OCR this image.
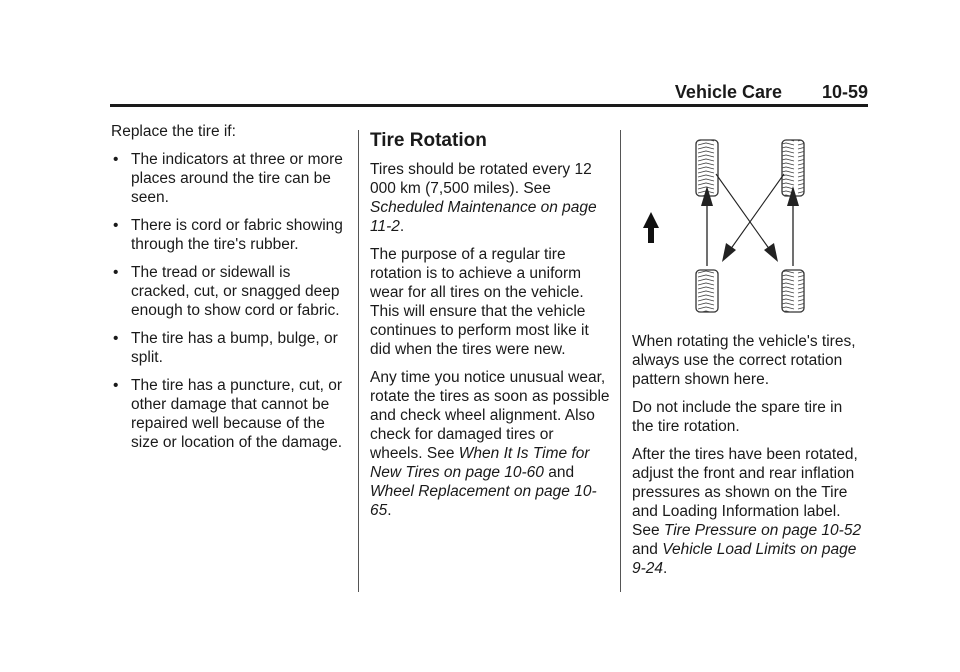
Vehicle Care 10-59

Replace the tire if:

• The indicators at three or more places around the tire can be seen.
• There is cord or fabric showing through the tire's rubber.
• The tread or sidewall is cracked, cut, or snagged deep enough to show cord or fabric.
• The tire has a bump, bulge, or split.
• The tire has a puncture, cut, or other damage that cannot be repaired well because of the size or location of the damage.
Tire Rotation

Tires should be rotated every 12 000 km (7,500 miles). See Scheduled Maintenance on page 11-2.

The purpose of a regular tire rotation is to achieve a uniform wear for all tires on the vehicle. This will ensure that the vehicle continues to perform most like it did when the tires were new.

Any time you notice unusual wear, rotate the tires as soon as possible and check wheel alignment. Also check for damaged tires or wheels. See When It Is Time for New Tires on page 10-60 and Wheel Replacement on page 10-65.

When rotating the vehicle's tires, always use the correct rotation pattern shown here.

Do not include the spare tire in the tire rotation.

After the tires have been rotated, adjust the front and rear inflation pressures as shown on the Tire and Loading Information label. See Tire Pressure on page 10-52 and Vehicle Load Limits on page 9-24.
